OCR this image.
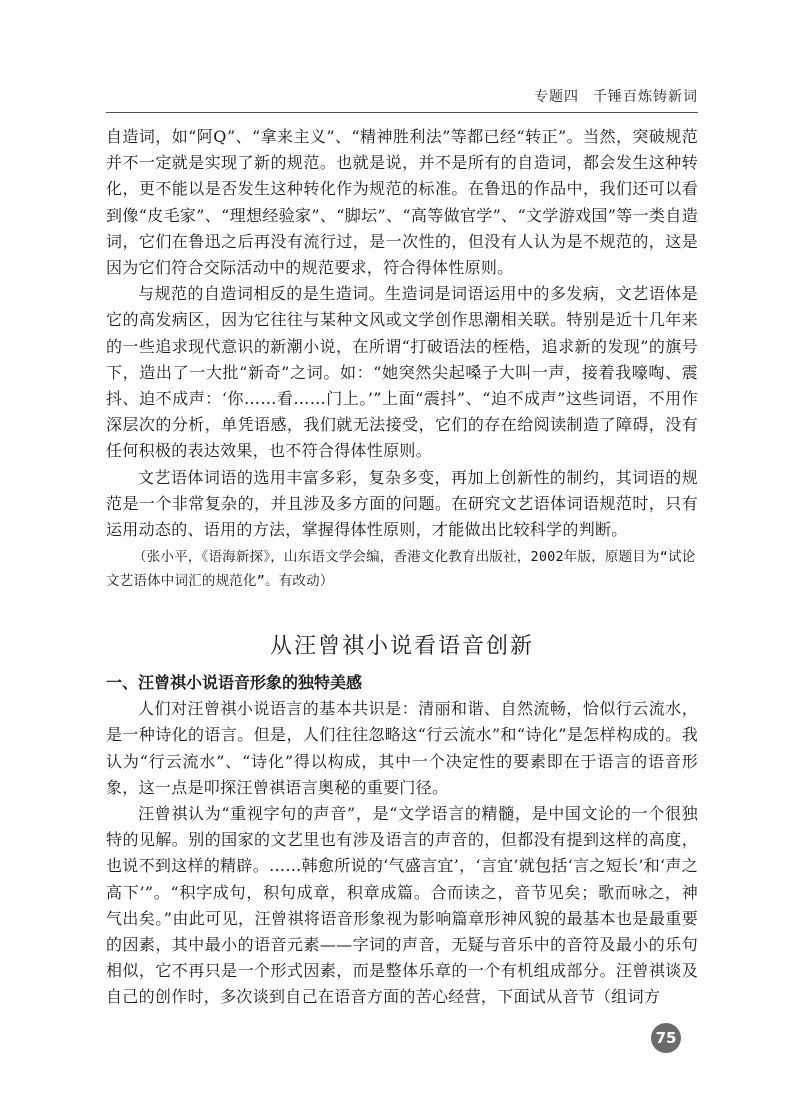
专题四 千锤百炼铸新词

自造词，如“阿Q”、“拿来主义”、“精神胜利法”等都已经“转正”。当然，突破规范并不一定就是实现了新的规范。也就是说，并不是所有的自造词，都会发生这种转化，更不能以是否发生这种转化作为规范的标准。在鲁迅的作品中，我们还可以看到像“皮毛家”、“理想经验家”、“脚坛”、“高等做官学”、“文学游戏国”等一类自造词，它们在鲁迅之后再没有流行过，是一次性的，但没有人认为是不规范的，这是因为它们符合交际活动中的规范要求，符合得体性原则。

与规范的自造词相反的是生造词。生造词是词语运用中的多发病，文艺语体是它的高发病区，因为它往往与某种文风或文学创作思潮相关联。特别是近十几年来的一些追求现代意识的新潮小说，在所谓“打破语法的桎梏，追求新的发现”的旗号下，造出了一大批“新奇”之词。如：“她突然尖起嗓子大叫一声，接着我嚎啕、震抖、迫不成声：‘你……看……门上。’”上面“震抖”、“迫不成声”这些词语，不用作深层次的分析，单凭语感，我们就无法接受，它们的存在给阅读制造了障碍，没有任何积极的表达效果，也不符合得体性原则。

文艺语体词语的选用丰富多彩，复杂多变，再加上创新性的制约，其词语的规范是一个非常复杂的，并且涉及多方面的问题。在研究文艺语体词语规范时，只有运用动态的、语用的方法，掌握得体性原则，才能做出比较科学的判断。

（张小平，《语海新探》，山东语文学会编，香港文化教育出版社，2002年版，原题目为“试论文艺语体中词汇的规范化”。有改动）

从汪曾祺小说看语音创新

一、汪曾祺小说语音形象的独特美感

人们对汪曾祺小说语言的基本共识是：清丽和谐、自然流畅，恰似行云流水，是一种诗化的语言。但是，人们往往忽略这“行云流水”和“诗化”是怎样构成的。我认为“行云流水”、“诗化”得以构成，其中一个决定性的要素即在于语言的语音形象，这一点是叩探汪曾祺语言奥秘的重要门径。

汪曾祺认为“重视字句的声音”，是“文学语言的精髓，是中国文论的一个很独特的见解。别的国家的文艺里也有涉及语言的声音的，但都没有提到这样的高度，也说不到这样的精辟。……韩愈所说的‘气盛言宜’，‘言宜’就包括‘言之短长’和‘声之高下’”。“积字成句，积句成章，积章成篇。合而读之，音节见矣；歌而咏之，神气出矣。”由此可见，汪曾祺将语音形象视为影响篇章形神风貌的最基本也是最重要的因素，其中最小的语音元素——字词的声音，无疑与音乐中的音符及最小的乐句相似，它不再只是一个形式因素，而是整体乐章的一个有机组成部分。汪曾祺谈及自己的创作时，多次谈到自己在语音方面的苦心经营，下面试从音节（组词方

75
